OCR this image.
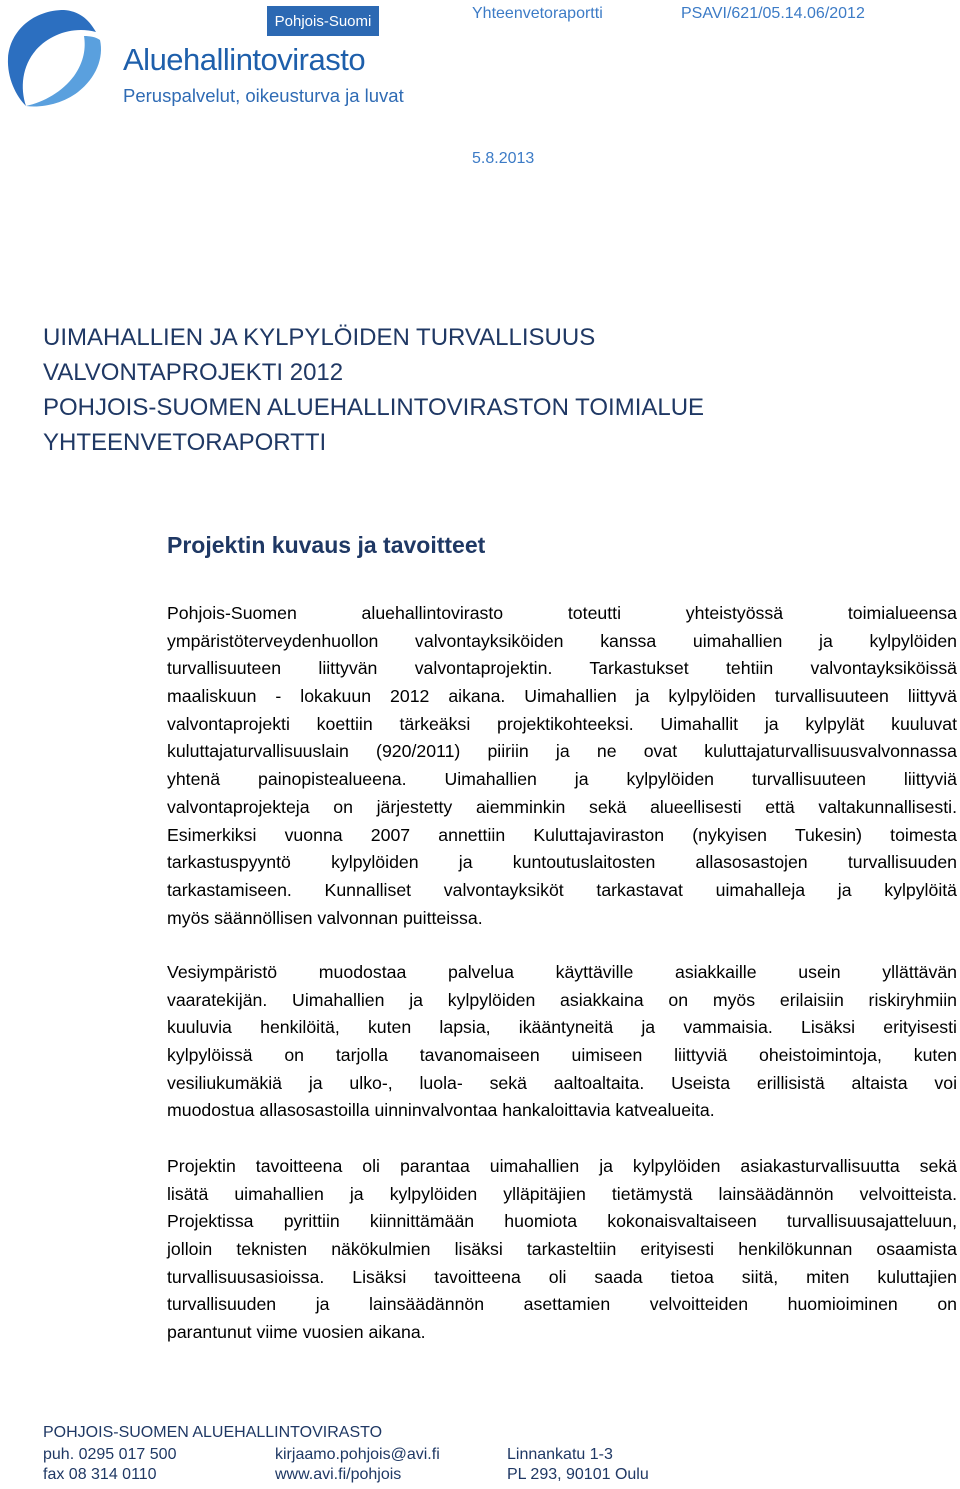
Pohjois-Suomi
Aluehallintovirasto
Peruspalvelut, oikeusturva ja luvat
Yhteenvetoraportti	PSAVI/621/05.14.06/2012
5.8.2013
UIMAHALLIEN JA KYLPYLÖIDEN TURVALLISUUS
VALVONTAPROJEKTI 2012
POHJOIS-SUOMEN ALUEHALLINTOVIRASTON TOIMIALUE
YHTEENVETORAPORTTI
Projektin kuvaus ja tavoitteet
Pohjois-Suomen aluehallintovirasto toteutti yhteistyössä toimialueensa
ympäristöterveydenhuollon valvontayksiköiden kanssa uimahallien ja kylpylöiden
turvallisuuteen liittyvän valvontaprojektin. Tarkastukset tehtiin valvontayksiköissä
maaliskuun - lokakuun 2012 aikana. Uimahallien ja kylpylöiden turvallisuuteen liittyvä
valvontaprojekti koettiin tärkeäksi projektikohteeksi. Uimahallit ja kylpylät kuuluvat
kuluttajaturvallisuuslain (920/2011) piiriin ja ne ovat kuluttajaturvallisuusvalvonnassa
yhtenä painopistealueena. Uimahallien ja kylpylöiden turvallisuuteen liittyviä
valvontaprojekteja on järjestetty aiemminkin sekä alueellisesti että valtakunnallisesti.
Esimerkiksi vuonna 2007 annettiin Kuluttajaviraston (nykyisen Tukesin) toimesta
tarkastuspyyntö kylpylöiden ja kuntoutuslaitosten allasosastojen turvallisuuden
tarkastamiseen. Kunnalliset valvontayksiköt tarkastavat uimahalleja ja kylpylöitä
myös säännöllisen valvonnan puitteissa.
Vesiympäristö muodostaa palvelua käyttäville asiakkaille usein yllättävän
vaaratekijän. Uimahallien ja kylpylöiden asiakkaina on myös erilaisiin riskiryhmiin
kuuluvia henkilöitä, kuten lapsia, ikääntyneitä ja vammaisia. Lisäksi erityisesti
kylpylöissä on tarjolla tavanomaiseen uimiseen liittyviä oheistoimintoja, kuten
vesiliukumäkiä ja ulko-, luola- sekä aaltoaltaita. Useista erillisistä altaista voi
muodostua allasosastoilla uinninvalvontaa hankaloittavia katvealueita.
Projektin tavoitteena oli parantaa uimahallien ja kylpylöiden asiakasturvallisuutta sekä
lisätä uimahallien ja kylpylöiden ylläpitäjien tietämystä lainsäädännön velvoitteista.
Projektissa pyrittiin kiinnittämään huomiota kokonaisvaltaiseen turvallisuusajatteluun,
jolloin teknisten näkökulmien lisäksi tarkasteltiin erityisesti henkilökunnan osaamista
turvallisuusasioissa. Lisäksi tavoitteena oli saada tietoa siitä, miten kuluttajien
turvallisuuden ja lainsäädännön asettamien velvoitteiden huomioiminen on
parantunut viime vuosien aikana.
POHJOIS-SUOMEN ALUEHALLINTOVIRASTO
puh. 0295 017 500
fax 08 314 0110
kirjaamo.pohjois@avi.fi
www.avi.fi/pohjois
Linnankatu 1-3
PL 293, 90101 Oulu
